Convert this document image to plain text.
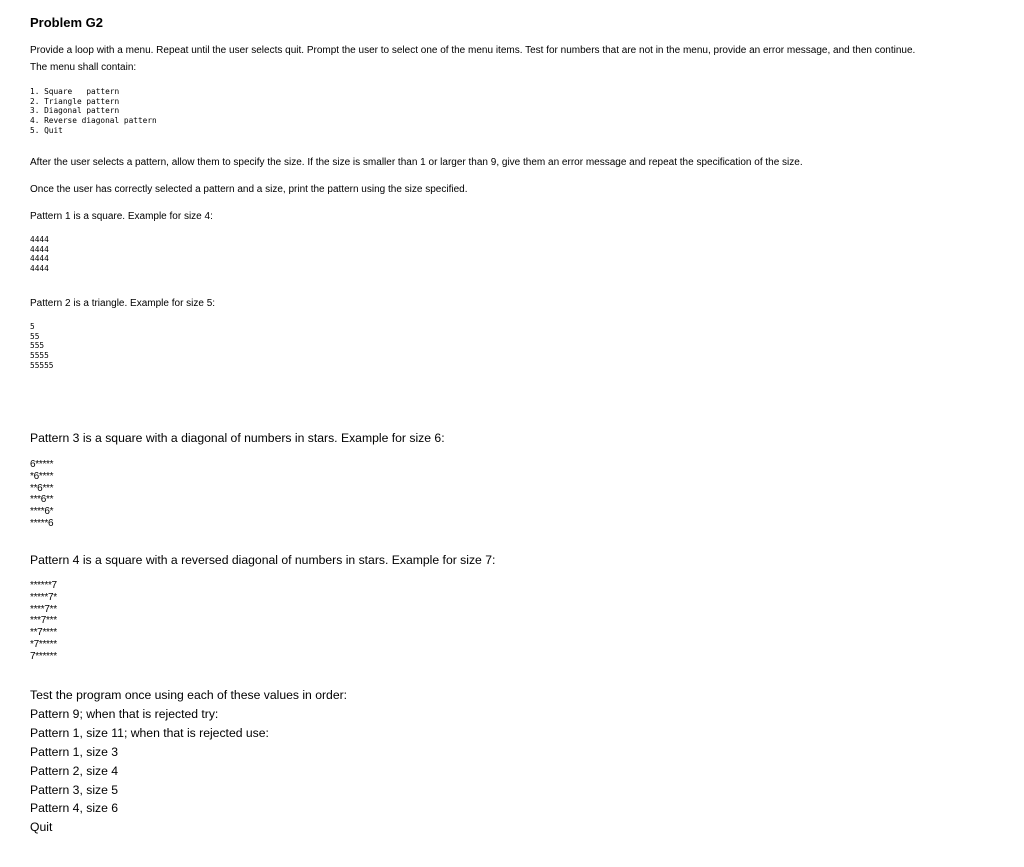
Problem G2
Provide a loop with a menu. Repeat until the user selects quit. Prompt the user to select one of the menu items. Test for numbers that are not in the menu, provide an error message, and then continue.
The menu shall contain:
1. Square   pattern
2. Triangle pattern
3. Diagonal pattern
4. Reverse diagonal pattern
5. Quit
After the user selects a pattern, allow them to specify the size. If the size is smaller than 1 or larger than 9, give them an error message and repeat the specification of the size.
Once the user has correctly selected a pattern and a size, print the pattern using the size specified.
Pattern 1 is a square. Example for size 4:
4444
4444
4444
4444
Pattern 2 is a triangle. Example for size 5:
5
55
555
5555
55555
Pattern 3 is a square with a diagonal of numbers in stars. Example for size 6:
6*****
*6****
**6***
***6**
****6*
*****6
Pattern 4 is a square with a reversed diagonal of numbers in stars. Example for size 7:
******7
*****7*
****7**
***7***
**7****
*7*****
7******
Test the program once using each of these values in order:
Pattern 9; when that is rejected try:
Pattern 1, size 11; when that is rejected use:
Pattern 1, size 3
Pattern 2, size 4
Pattern 3, size 5
Pattern 4, size 6
Quit
